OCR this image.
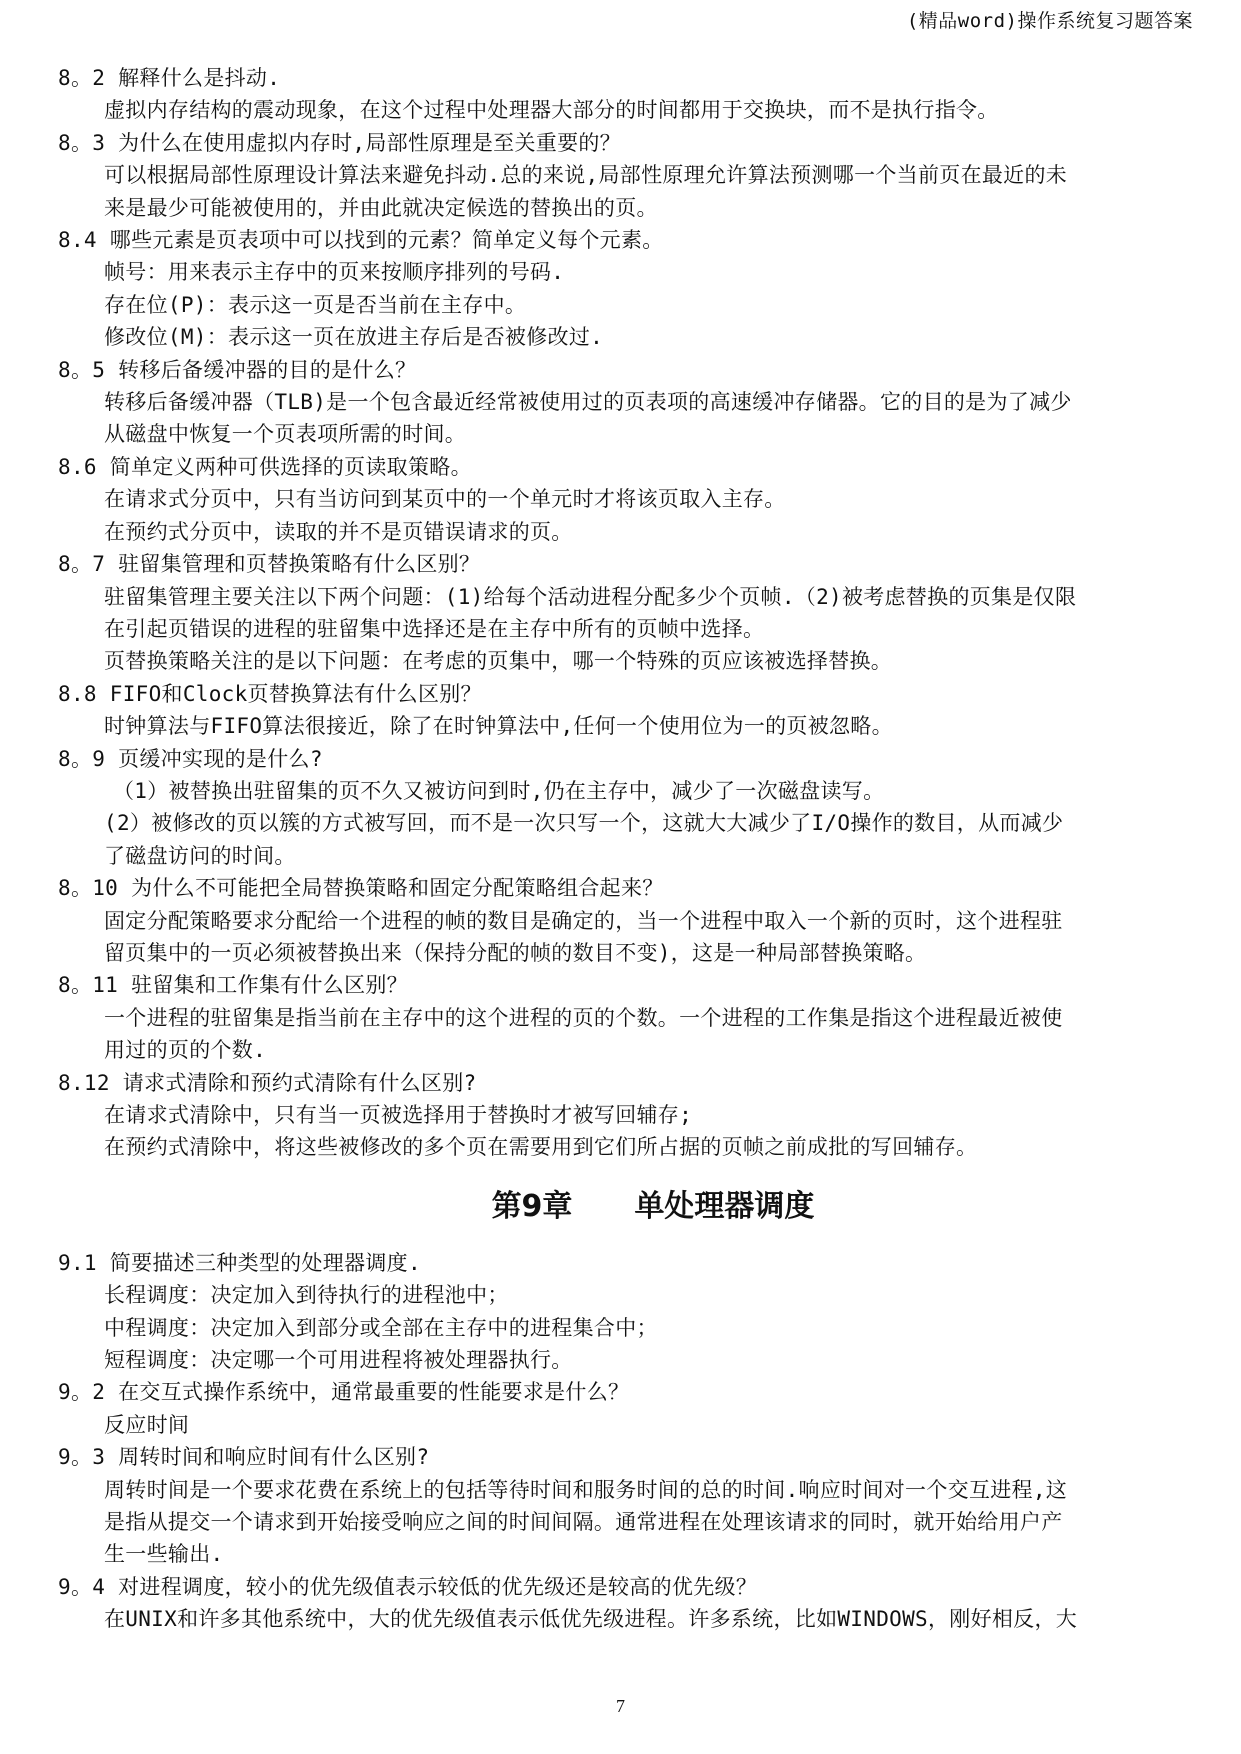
(精品word)操作系统复习题答案
8。2 解释什么是抖动.
虚拟内存结构的震动现象，在这个过程中处理器大部分的时间都用于交换块，而不是执行指令。
8。3 为什么在使用虚拟内存时,局部性原理是至关重要的？
可以根据局部性原理设计算法来避免抖动.总的来说,局部性原理允许算法预测哪一个当前页在最近的未
来是最少可能被使用的，并由此就决定候选的替换出的页。
8.4 哪些元素是页表项中可以找到的元素？简单定义每个元素。
帧号：用来表示主存中的页来按顺序排列的号码.
存在位(P)：表示这一页是否当前在主存中。
修改位(M)：表示这一页在放进主存后是否被修改过.
8。5 转移后备缓冲器的目的是什么？
转移后备缓冲器（TLB)是一个包含最近经常被使用过的页表项的高速缓冲存储器。它的目的是为了减少
从磁盘中恢复一个页表项所需的时间。
8.6 简单定义两种可供选择的页读取策略。
在请求式分页中，只有当访问到某页中的一个单元时才将该页取入主存。
在预约式分页中，读取的并不是页错误请求的页。
8。7 驻留集管理和页替换策略有什么区别？
驻留集管理主要关注以下两个问题：(1)给每个活动进程分配多少个页帧.（2)被考虑替换的页集是仅限
在引起页错误的进程的驻留集中选择还是在主存中所有的页帧中选择。
页替换策略关注的是以下问题：在考虑的页集中，哪一个特殊的页应该被选择替换。
8.8 FIFO和Clock页替换算法有什么区别？
时钟算法与FIFO算法很接近，除了在时钟算法中,任何一个使用位为一的页被忽略。
8。9 页缓冲实现的是什么?
（1）被替换出驻留集的页不久又被访问到时,仍在主存中，减少了一次磁盘读写。
(2）被修改的页以簇的方式被写回，而不是一次只写一个，这就大大减少了I/O操作的数目，从而减少
了磁盘访问的时间。
8。10 为什么不可能把全局替换策略和固定分配策略组合起来？
固定分配策略要求分配给一个进程的帧的数目是确定的，当一个进程中取入一个新的页时，这个进程驻
留页集中的一页必须被替换出来（保持分配的帧的数目不变)，这是一种局部替换策略。
8。11 驻留集和工作集有什么区别？
一个进程的驻留集是指当前在主存中的这个进程的页的个数。一个进程的工作集是指这个进程最近被使
用过的页的个数.
8.12 请求式清除和预约式清除有什么区别?
在请求式清除中，只有当一页被选择用于替换时才被写回辅存;
在预约式清除中，将这些被修改的多个页在需要用到它们所占据的页帧之前成批的写回辅存。
第9章 单处理器调度
9.1 简要描述三种类型的处理器调度.
长程调度：决定加入到待执行的进程池中；
中程调度：决定加入到部分或全部在主存中的进程集合中；
短程调度：决定哪一个可用进程将被处理器执行。
9。2 在交互式操作系统中，通常最重要的性能要求是什么？
反应时间
9。3 周转时间和响应时间有什么区别?
周转时间是一个要求花费在系统上的包括等待时间和服务时间的总的时间.响应时间对一个交互进程,这
是指从提交一个请求到开始接受响应之间的时间间隔。通常进程在处理该请求的同时，就开始给用户产
生一些输出.
9。4 对进程调度，较小的优先级值表示较低的优先级还是较高的优先级？
在UNIX和许多其他系统中，大的优先级值表示低优先级进程。许多系统，比如WINDOWS，刚好相反，大
7
